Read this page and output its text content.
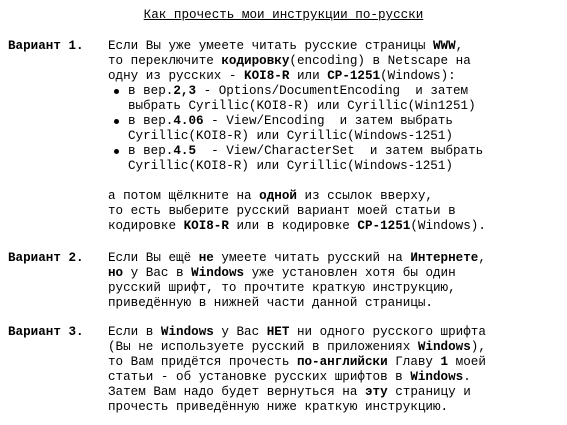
Как прочесть мои инструкции по-русски
Вариант 1. Если Вы уже умеете читать русские страницы WWW,
то переключите кодировку(encoding) в Netscape на
одну из русских - KOI8-R или CP-1251(Windows):
в вер.2,3 - Options/DocumentEncoding  и затем
выбрать Cyrillic(KOI8-R) или Cyrillic(Win1251)
в вер.4.06 - View/Encoding  и затем выбрать
Cyrillic(KOI8-R) или Cyrillic(Windows-1251)
в вер.4.5  - View/CharacterSet  и затем выбрать
Cyrillic(KOI8-R) или Cyrillic(Windows-1251)
а потом щёлкните на одной из ссылок вверху,
то есть выберите русский вариант моей статьи в
кодировке KOI8-R или в кодировке CP-1251(Windows).
Вариант 2. Если Вы ещё не умеете читать русский на Интернете,
но у Вас в Windows уже установлен хотя бы один
русский шрифт, то прочтите краткую инструкцию,
приведённую в нижней части данной страницы.
Вариант 3. Если в Windows у Вас НЕТ ни одного русского шрифта
(Вы не используете русский в приложениях Windows),
то Вам придётся прочесть по-английски Главу 1 моей
статьи - об установке русских шрифтов в Windows.
Затем Вам надо будет вернуться на эту страницу и
прочесть приведённую ниже краткую инструкцию.
